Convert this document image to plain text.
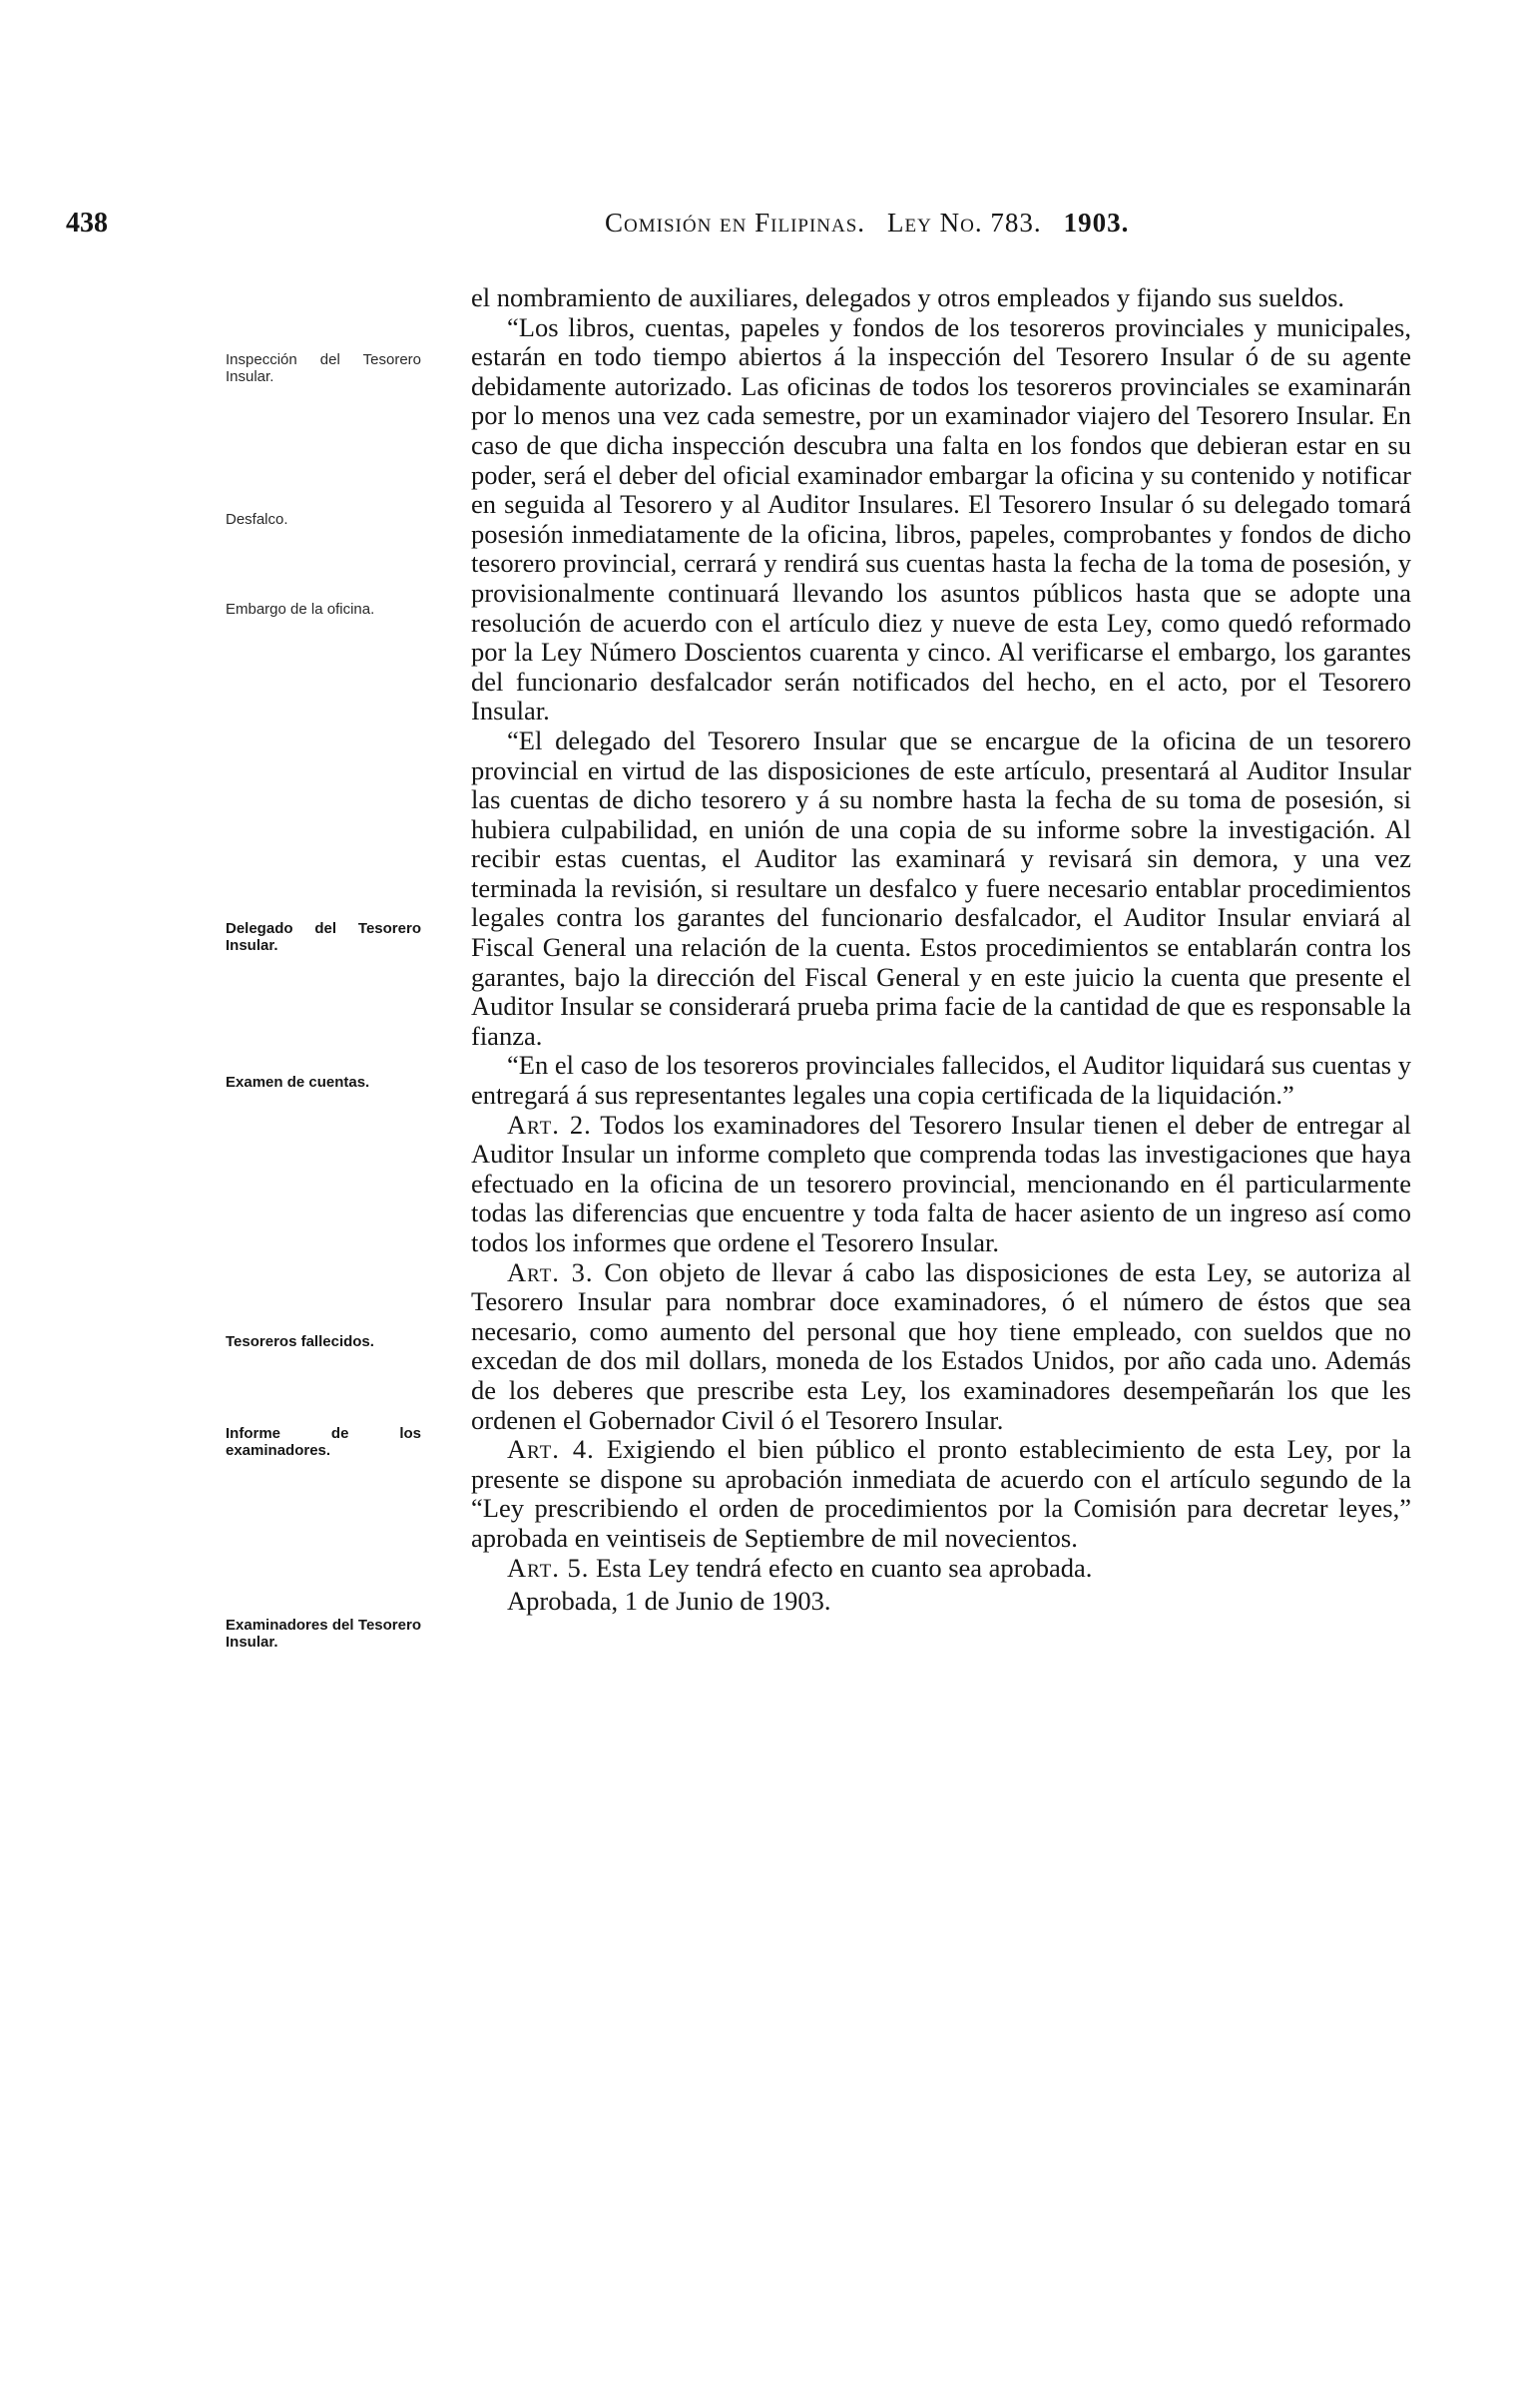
438	Comisión en Filipinas. Ley No. 783. 1903.
Inspección del Tesorero Insular.
Desfalco.
Embargo de la oficina.
Delegado del Tesorero Insular.
Examen de cuentas.
Tesoreros fallecidos.
Informe de los examinadores.
Examinadores del Tesorero Insular.

el nombramiento de auxiliares, delegados y otros empleados y fijando sus sueldos.

“Los libros, cuentas, papeles y fondos de los tesoreros provinciales y municipales, estarán en todo tiempo abiertos á la inspección del Tesorero Insular ó de su agente debidamente autorizado. Las oficinas de todos los tesoreros provinciales se examinarán por lo menos una vez cada semestre, por un examinador viajero del Tesorero Insular. En caso de que dicha inspección descubra una falta en los fondos que debieran estar en su poder, será el deber del oficial examinador embargar la oficina y su contenido y notificar en seguida al Tesorero y al Auditor Insulares. El Tesorero Insular ó su delegado tomará posesión inmediatamente de la oficina, libros, papeles, comprobantes y fondos de dicho tesorero provincial, cerrará y rendirá sus cuentas hasta la fecha de la toma de posesión, y provisionalmente continuará llevando los asuntos públicos hasta que se adopte una resolución de acuerdo con el artículo diez y nueve de esta Ley, como quedó reformado por la Ley Número Doscientos cuarenta y cinco. Al verificarse el embargo, los garantes del funcionario desfalcador serán notificados del hecho, en el acto, por el Tesorero Insular.

“El delegado del Tesorero Insular que se encargue de la oficina de un tesorero provincial en virtud de las disposiciones de este artículo, presentará al Auditor Insular las cuentas de dicho tesorero y á su nombre hasta la fecha de su toma de posesión, si hubiera culpabilidad, en unión de una copia de su informe sobre la investigación. Al recibir estas cuentas, el Auditor las examinará y revisará sin demora, y una vez terminada la revisión, si resultare un desfalco y fuere necesario entablar procedimientos legales contra los garantes del funcionario desfalcador, el Auditor Insular enviará al Fiscal General una relación de la cuenta. Estos procedimientos se entablarán contra los garantes, bajo la dirección del Fiscal General y en este juicio la cuenta que presente el Auditor Insular se considerará prueba prima facie de la cantidad de que es responsable la fianza.

“En el caso de los tesoreros provinciales fallecidos, el Auditor liquidará sus cuentas y entregará á sus representantes legales una copia certificada de la liquidación.”

Art. 2. Todos los examinadores del Tesorero Insular tienen el deber de entregar al Auditor Insular un informe completo que comprenda todas las investigaciones que haya efectuado en la oficina de un tesorero provincial, mencionando en él particularmente todas las diferencias que encuentre y toda falta de hacer asiento de un ingreso así como todos los informes que ordene el Tesorero Insular.

Art. 3. Con objeto de llevar á cabo las disposiciones de esta Ley, se autoriza al Tesorero Insular para nombrar doce examinadores, ó el número de éstos que sea necesario, como aumento del personal que hoy tiene empleado, con sueldos que no excedan de dos mil dollars, moneda de los Estados Unidos, por año cada uno. Además de los deberes que prescribe esta Ley, los examinadores desempeñarán los que les ordenen el Gobernador Civil ó el Tesorero Insular.

Art. 4. Exigiendo el bien público el pronto establecimiento de esta Ley, por la presente se dispone su aprobación inmediata de acuerdo con el artículo segundo de la “Ley prescribiendo el orden de procedimientos por la Comisión para decretar leyes,” aprobada en veintiseis de Septiembre de mil novecientos.

Art. 5. Esta Ley tendrá efecto en cuanto sea aprobada.

Aprobada, 1 de Junio de 1903.
